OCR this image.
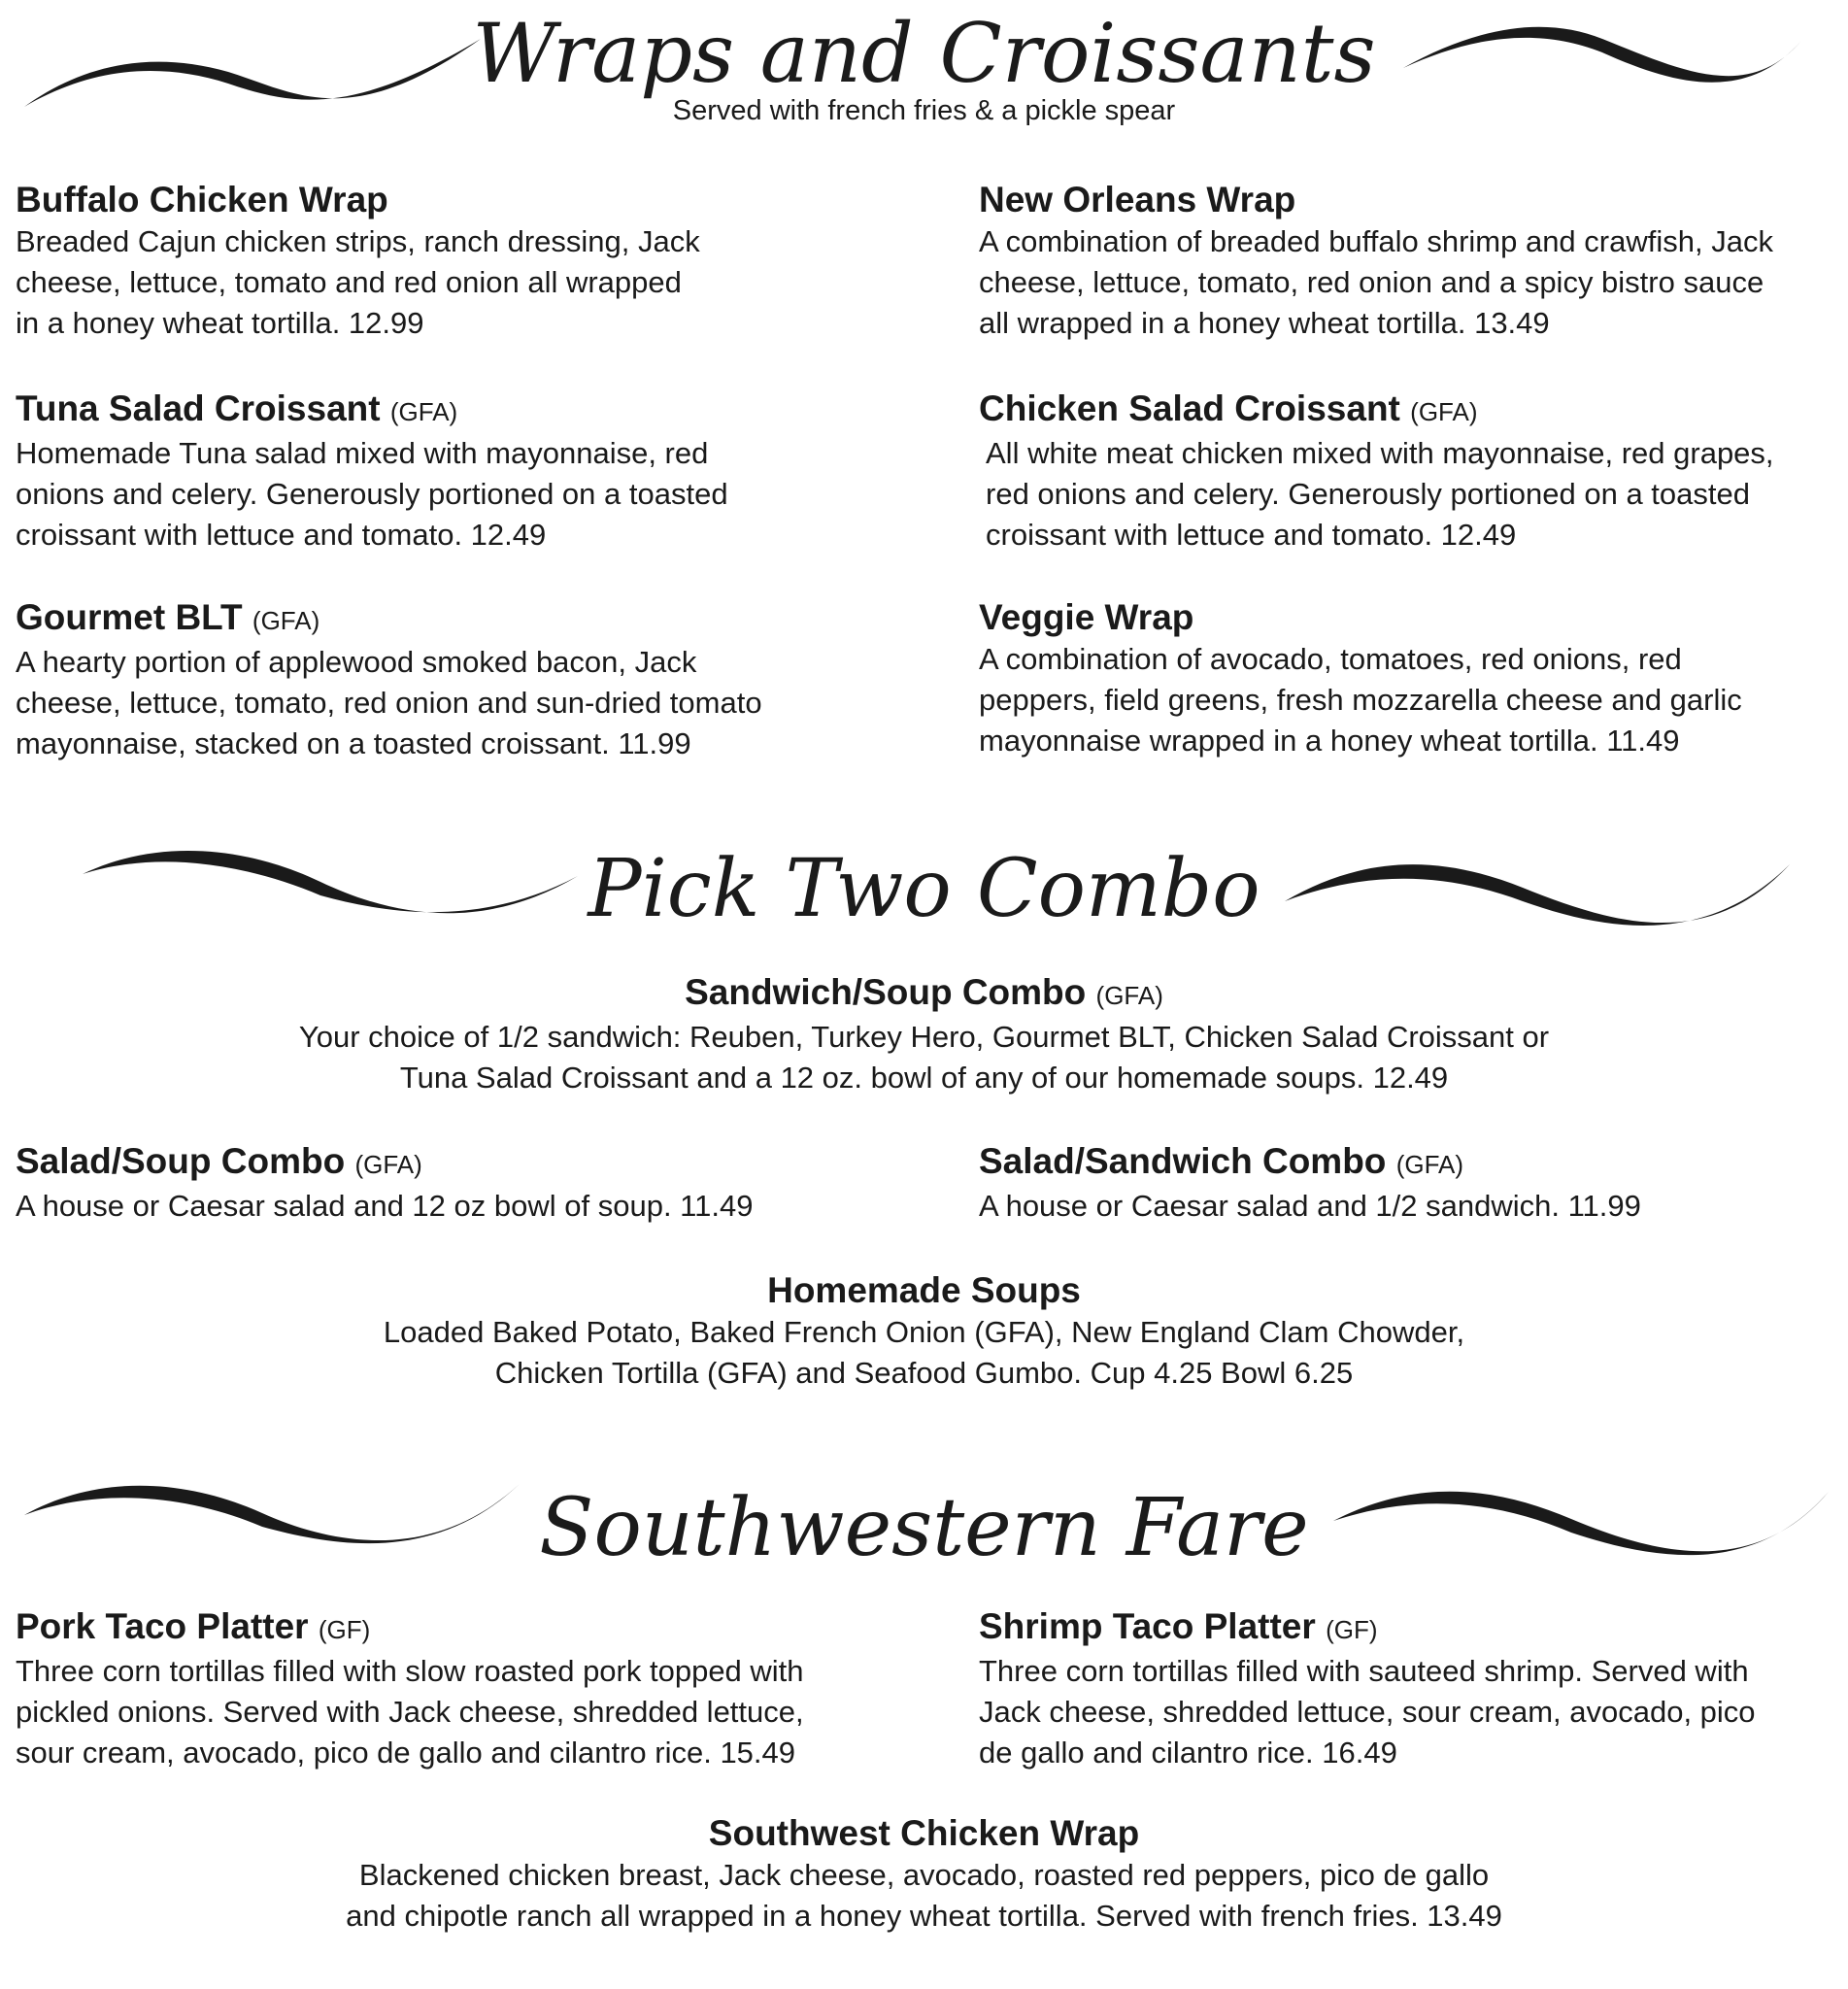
Wraps and Croissants
Served with french fries & a pickle spear
Buffalo Chicken Wrap
Breaded Cajun chicken strips, ranch dressing, Jack
cheese, lettuce, tomato and red onion all wrapped
in a honey wheat tortilla. 12.99
New Orleans Wrap
A combination of breaded buffalo shrimp and crawfish, Jack
cheese, lettuce, tomato, red onion and a spicy bistro sauce
all wrapped in a honey wheat tortilla. 13.49
Tuna Salad Croissant (GFA)
Homemade Tuna salad mixed with mayonnaise, red
onions and celery. Generously portioned on a toasted
croissant with lettuce and tomato. 12.49
Chicken Salad Croissant (GFA)
All white meat chicken mixed with mayonnaise, red grapes,
red onions and celery. Generously portioned on a toasted
croissant with lettuce and tomato. 12.49
Gourmet BLT (GFA)
A hearty portion of applewood smoked bacon, Jack
cheese, lettuce, tomato, red onion and sun-dried tomato
mayonnaise, stacked on a toasted croissant. 11.99
Veggie Wrap
A combination of avocado, tomatoes, red onions, red
peppers, field greens, fresh mozzarella cheese and garlic
mayonnaise wrapped in a honey wheat tortilla. 11.49
Pick Two Combo
Sandwich/Soup Combo (GFA)
Your choice of 1/2 sandwich: Reuben, Turkey Hero, Gourmet BLT, Chicken Salad Croissant or
Tuna Salad Croissant and a 12 oz. bowl of any of our homemade soups. 12.49
Salad/Soup Combo (GFA)
A house or Caesar salad and 12 oz bowl of soup. 11.49
Salad/Sandwich Combo (GFA)
A house or Caesar salad and 1/2 sandwich. 11.99
Homemade Soups
Loaded Baked Potato, Baked French Onion (GFA), New England Clam Chowder,
Chicken Tortilla (GFA) and Seafood Gumbo. Cup 4.25 Bowl 6.25
Southwestern Fare
Pork Taco Platter (GF)
Three corn tortillas filled with slow roasted pork topped with
pickled onions. Served with Jack cheese, shredded lettuce,
sour cream, avocado, pico de gallo and cilantro rice. 15.49
Shrimp Taco Platter (GF)
Three corn tortillas filled with sauteed shrimp. Served with
Jack cheese, shredded lettuce, sour cream, avocado, pico
de gallo and cilantro rice. 16.49
Southwest Chicken Wrap
Blackened chicken breast, Jack cheese, avocado, roasted red peppers, pico de gallo
and chipotle ranch all wrapped in a honey wheat tortilla. Served with french fries. 13.49
